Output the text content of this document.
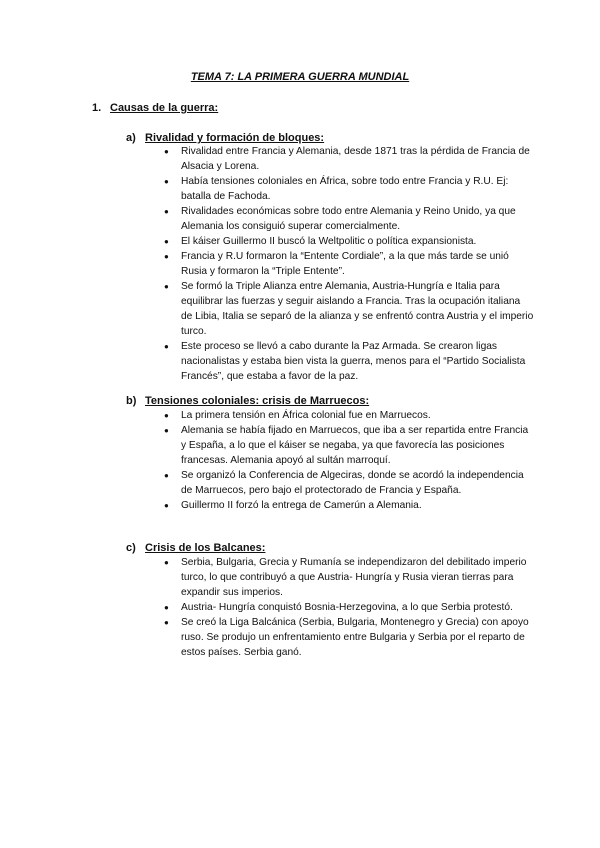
TEMA 7: LA PRIMERA GUERRA MUNDIAL
1. Causas de la guerra:
a) Rivalidad y formación de bloques:
● Rivalidad entre Francia y Alemania, desde 1871 tras la pérdida de Francia de Alsacia y Lorena.
● Había tensiones coloniales en África, sobre todo entre Francia y R.U. Ej: batalla de Fachoda.
● Rivalidades económicas sobre todo entre Alemania y Reino Unido, ya que Alemania los consiguió superar comercialmente.
● El káiser Guillermo II buscó la Weltpolitic o política expansionista.
● Francia y R.U formaron la “Entente Cordiale”, a la que más tarde se unió Rusia y formaron la “Triple Entente”.
● Se formó la Triple Alianza entre Alemania, Austria-Hungría e Italia para equilibrar las fuerzas y seguir aislando a Francia. Tras la ocupación italiana de Libia, Italia se separó de la alianza y se enfrentó contra Austria y el imperio turco.
● Este proceso se llevó a cabo durante la Paz Armada. Se crearon ligas nacionalistas y estaba bien vista la guerra, menos para el “Partido Socialista Francés”, que estaba a favor de la paz.
b) Tensiones coloniales: crisis de Marruecos:
● La primera tensión en África colonial fue en Marruecos.
● Alemania se había fijado en Marruecos, que iba a ser repartida entre Francia y España, a lo que el káiser se negaba, ya que favorecía las posiciones francesas. Alemania apoyó al sultán marroquí.
● Se organizó la Conferencia de Algeciras, donde se acordó la independencia de Marruecos, pero bajo el protectorado de Francia y España.
● Guillermo II forzó la entrega de Camerún a Alemania.
c) Crisis de los Balcanes:
● Serbia, Bulgaria, Grecia y Rumanía se independizaron del debilitado imperio turco, lo que contribuyó a que Austria- Hungría y Rusia vieran tierras para expandir sus imperios.
● Austria- Hungría conquistó Bosnia-Herzegovina, a lo que Serbia protestó.
● Se creó la Liga Balcánica (Serbia, Bulgaria, Montenegro y Grecia) con apoyo ruso. Se produjo un enfrentamiento entre Bulgaria y Serbia por el reparto de estos países. Serbia ganó.
